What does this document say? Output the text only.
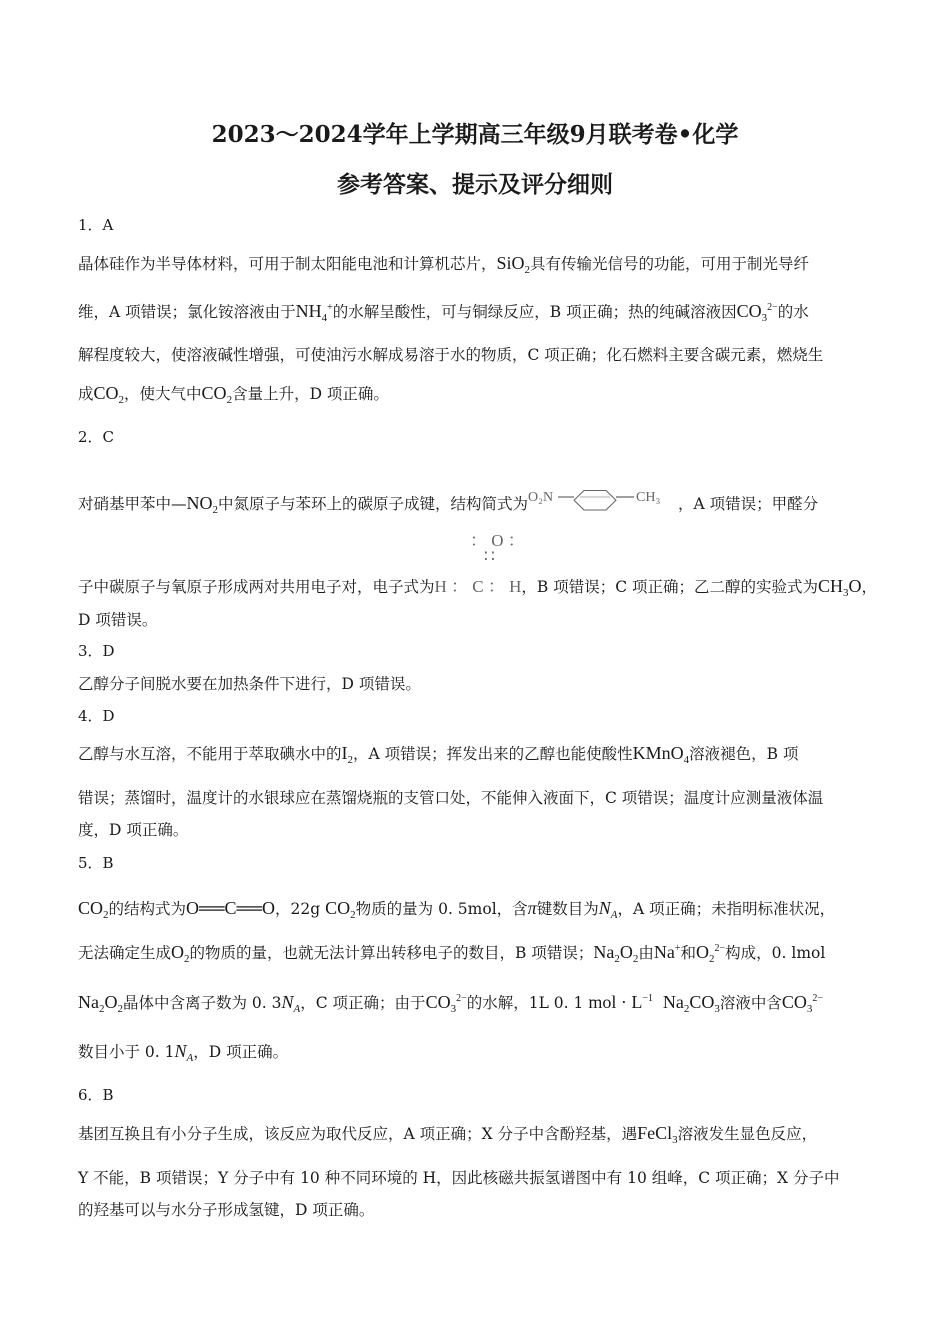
2023～2024学年上学期高三年级9月联考卷•化学
参考答案、提示及评分细则
1．A
晶体硅作为半导体材料，可用于制太阳能电池和计算机芯片，SiO$_2$具有传输光信号的功能，可用于制光导纤
维，A 项错误；氯化铵溶液由于$NH_4^+$的水解呈酸性，可与铜绿反应，B 项正确；热的纯碱溶液因$CO_3^{2-}$的水
解程度较大，使溶液碱性增强，可使油污水解成易溶于水的物质，C 项正确；化石燃料主要含碳元素，燃烧生
成$CO_2$，使大气中$CO_2$含量上升，D 项正确。
2．C
对硝基甲苯中$—NO_2$中氮原子与苯环上的碳原子成键，结构简式为 O₂N	CH₃ ，A 项错误；甲醛分
： O ：
∷
子中碳原子与氧原子形成两对共用电子对，电子式为H ： C ： H，B 项错误；C 项正确；乙二醇的实验式为$CH_3O$，
D 项错误。
3．D
乙醇分子间脱水要在加热条件下进行，D 项错误。
4．D
乙醇与水互溶，不能用于萃取碘水中的$I_2$，A 项错误；挥发出来的乙醇也能使酸性KMnO$_4$溶液褪色，B 项
错误；蒸馏时，温度计的水银球应在蒸馏烧瓶的支管口处，不能伸入液面下，C 项错误；温度计应测量液体温
度，D 项正确。
5．B
$CO_2$的结构式为O══C══O，22g $CO_2$物质的量为 0. 5mol，含π键数目为$N_A$，A 项正确；未指明标准状况，
无法确定生成$O_2$的物质的量，也就无法计算出转移电子的数目，B 项错误；$Na_2O_2$由Na+和$O_2^{2-}$构成，0. lmol
$Na_2O_2$晶体中含离子数为 0. $3N_A$，C 项正确；由于$CO_3^{2-}$的水解，1L 0. 1 mol · $L^{-1}$ $Na_2CO_3$溶液中含$CO_3^{2-}$
数目小于 0. $1N_A$，D 项正确。
6．B
基团互换且有小分子生成，该反应为取代反应，A 项正确；X 分子中含酚羟基，遇FeCl$_3$溶液发生显色反应，
Y 不能，B 项错误；Y 分子中有 10 种不同环境的 H，因此核磁共振氢谱图中有 10 组峰，C 项正确；X 分子中
的羟基可以与水分子形成氢键，D 项正确。
